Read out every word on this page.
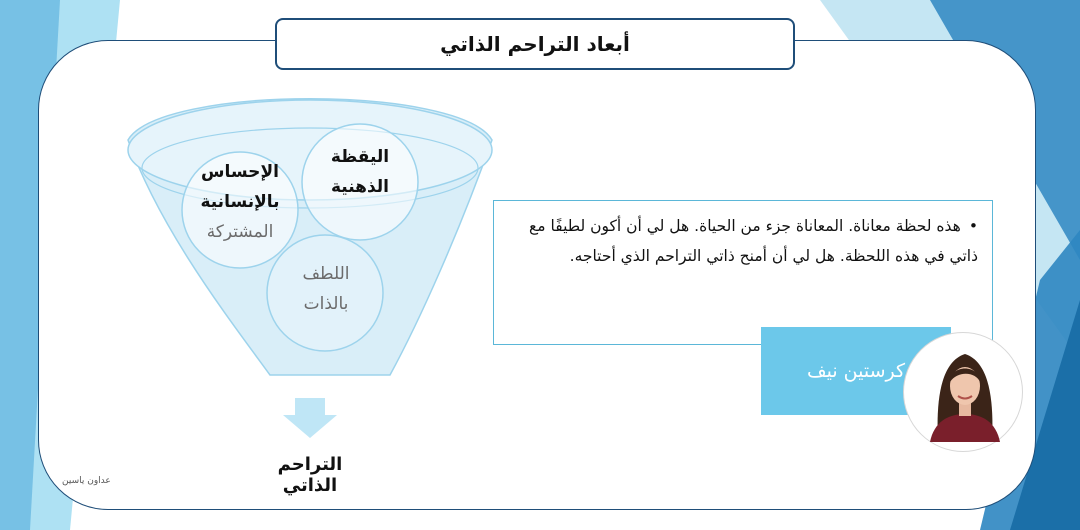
أبعاد التراحم الذاتي
اليقظة
الذهنية
الإحساس
بالإنسانية
المشتركة
اللطف
بالذات
التراحم الذاتي
عداون ياسين
•هذه لحظة معاناة. المعاناة جزء من الحياة. هل لي أن أكون لطيفًا مع ذاتي في هذه اللحظة. هل لي أن أمنح ذاتي التراحم الذي أحتاجه.
كرستين نيف
